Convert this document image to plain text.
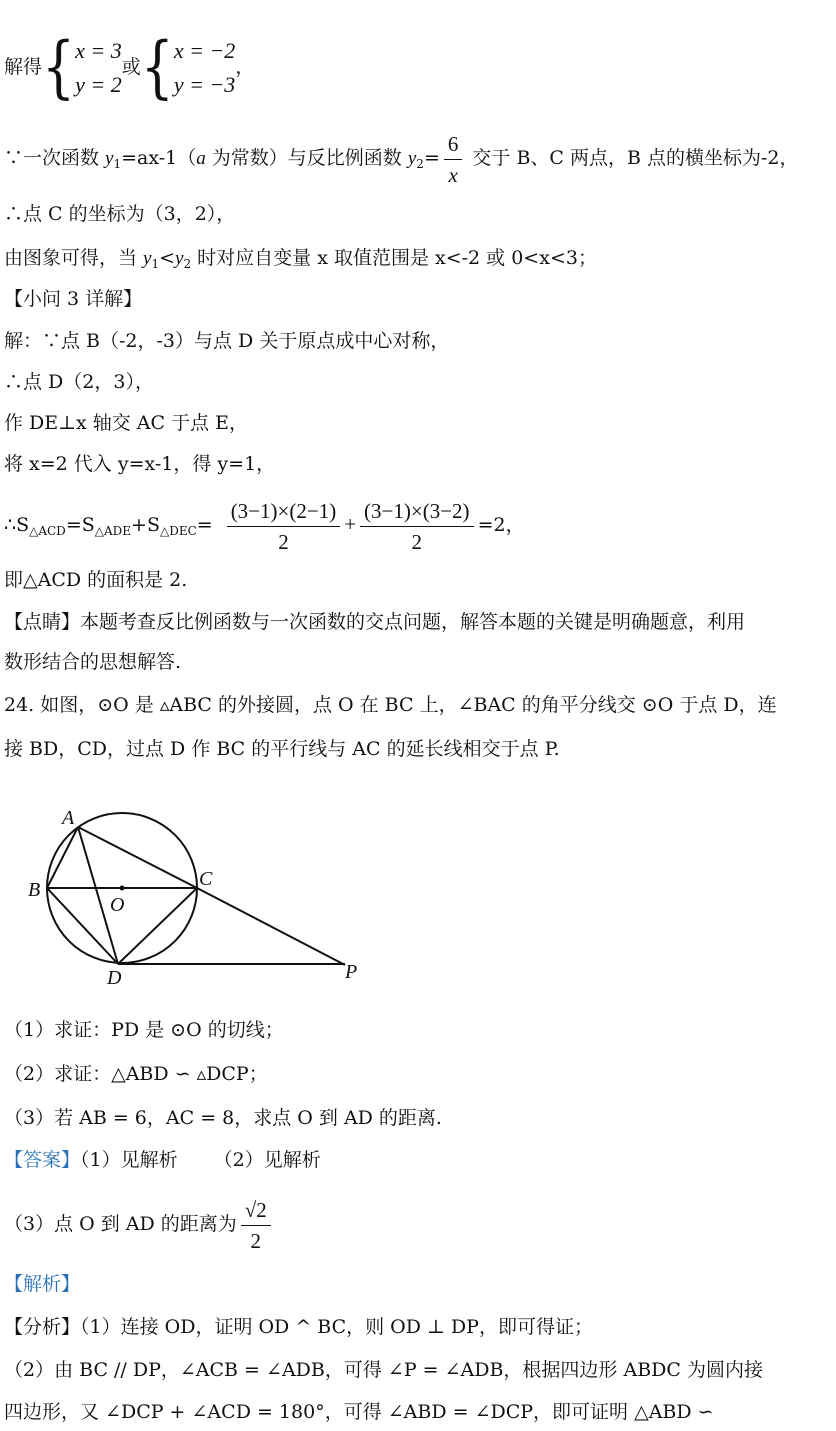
解得{ x = 3
y = 2
或{ x = −2
y = −3
，
∵一次函数 $y_1=ax-1(a$ 为常数）与反比例函数 $y_2= \frac{6}{x}$ 交于 B、C 两点，B 点的横坐标为-2，
∴点 C 的坐标为（3，2），
由图象可得，当 $y_1<y_2$ 时对应自变量 x 取值范围是 x<-2 或 0<x<3；
【小问 3 详解】
解：∵点 B（-2，-3）与点 D 关于原点成中心对称，
∴点 D（2，3），
作 DE⊥x 轴交 AC 于点 E，
将 x=2 代入 y=x-1，得 y=1，
$\therefore S_{\triangle ACD}=S_{\triangle ADE}+S_{\triangle DEC}= \frac{(3-1)\times(2-1)}{2} + \frac{(3-1)\times(3-2)}{2} =2$，
即△ACD 的面积是 2.
【点睛】本题考查反比例函数与一次函数的交点问题，解答本题的关键是明确题意，利用
数形结合的思想解答.
24. 如图，⊙O 是 ▵ABC 的外接圆，点 O 在 BC 上，∠BAC 的角平分线交 ⊙O 于点 D，连
接 BD，CD，过点 D 作 BC 的平行线与 AC 的延长线相交于点 P.
A
B	C
O
D	P
（1）求证：PD 是 ⊙O 的切线；
（2）求证：△ABD ∽ ▵DCP；
（3）若 AB = 6，AC = 8，求点 O 到 AD 的距离.
【答案】（1）见解析 （2）见解析
（3）点 O 到 AD 的距离为 $\frac{√2}{2}$
【解析】
【分析】（1）连接 OD，证明 OD ^ BC，则 OD ⊥ DP，即可得证；
（2）由 BC // DP，∠ACB = ∠ADB，可得 ∠P = ∠ADB，根据四边形 ABDC 为圆内接
四边形，又 ∠DCP + ∠ACD = 180°，可得 ∠ABD = ∠DCP，即可证明 △ABD ∽
